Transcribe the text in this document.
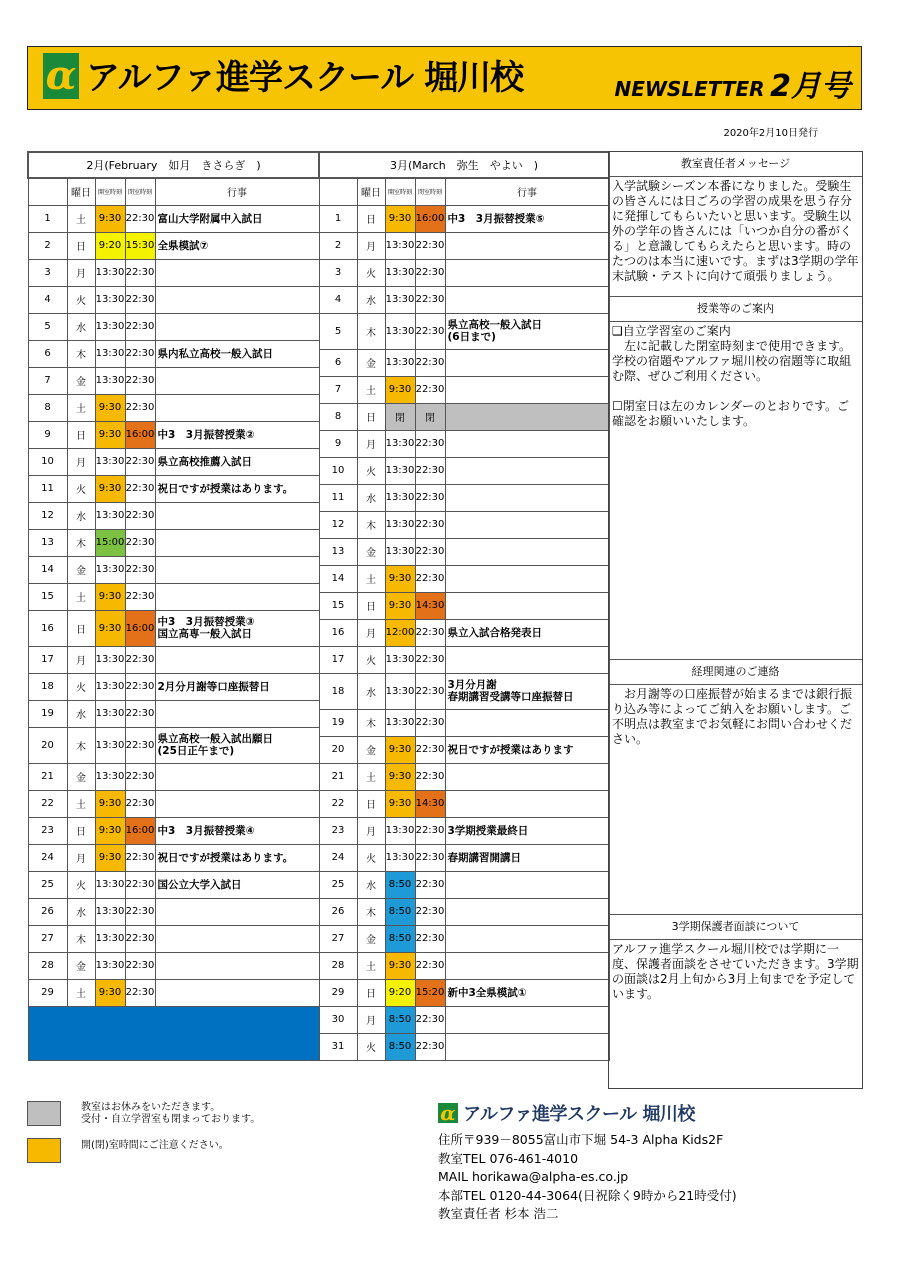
α アルファ進学スクール 堀川校	NEWSLETTER 2月号
2020年2月10日発行
2月(February　如月　きさらぎ　)				
	曜日	開室時刻	閉室時刻	行事
1	土	9:30	22:30	富山大学附属中入試日

2	日	9:20	15:30	全県模試⑦

3	月	13:30	22:30	
4	火	13:30	22:30	
5	水	13:30	22:30	
6	木	13:30	22:30	県内私立高校一般入試日

7	金	13:30	22:30	
8	土	9:30	22:30	
9	日	9:30	16:00	中3　3月振替授業②

10	月	13:30	22:30	県立高校推薦入試日

11	火	9:30	22:30	祝日ですが授業はあります。

12	水	13:30	22:30	
13	木	15:00	22:30	
14	金	13:30	22:30	
15	土	9:30	22:30	
16	日	9:30	16:00	中3　3月振替授業③
国立高専一般入試日

17	月	13:30	22:30	
18	火	13:30	22:30	2月分月謝等口座振替日

19	水	13:30	22:30	
20	木	13:30	22:30	県立高校一般入試出願日
(25日正午まで)

21	金	13:30	22:30	
22	土	9:30	22:30	
23	日	9:30	16:00	中3　3月振替授業④

24	月	9:30	22:30	祝日ですが授業はあります。

25	火	13:30	22:30	国公立大学入試日

26	水	13:30	22:30	
27	木	13:30	22:30	
28	金	13:30	22:30	
29	土	9:30	22:30	

3月(March　弥生　やよい　)				
	曜日	開室時刻	閉室時刻	行事
1	日	9:30	16:00	中3　3月振替授業⑤

2	月	13:30	22:30	
3	火	13:30	22:30	
4	水	13:30	22:30	
5	木	13:30	22:30	県立高校一般入試日
(6日まで)

6	金	13:30	22:30	
7	土	9:30	22:30	
8	日	閉	閉	
9	月	13:30	22:30	
10	火	13:30	22:30	
11	水	13:30	22:30	
12	木	13:30	22:30	
13	金	13:30	22:30	
14	土	9:30	22:30	
15	日	9:30	14:30	
16	月	12:00	22:30	県立入試合格発表日

17	火	13:30	22:30	
18	水	13:30	22:30	3月分月謝
春期講習受講等口座振替日

19	木	13:30	22:30	
20	金	9:30	22:30	祝日ですが授業はあります

21	土	9:30	22:30	
22	日	9:30	14:30	
23	月	13:30	22:30	3学期授業最終日

24	火	13:30	22:30	春期講習開講日

25	水	8:50	22:30	
26	木	8:50	22:30	
27	金	8:50	22:30	
28	土	9:30	22:30	
29	日	9:20	15:20	新中3全県模試①

30	月	8:50	22:30	
31	火	8:50	22:30	
教室責任者メッセージ
入学試験シーズン本番になりました。受験生の皆さんには日ごろの学習の成果を思う存分に発揮してもらいたいと思います。受験生以外の学年の皆さんには「いつか自分の番がくる」と意識してもらえたらと思います。時のたつのは本当に速いです。まずは3学期の学年末試験・テストに向けて頑張りましょう。
授業等のご案内
❑自立学習室のご案内
　左に記載した閉室時刻まで使用できます。学校の宿題やアルファ堀川校の宿題等に取組む際、ぜひご利用ください。
☐閉室日は左のカレンダーのとおりです。ご確認をお願いいたします。
経理関連のご連絡
　お月謝等の口座振替が始まるまでは銀行振り込み等によってご納入をお願いします。ご不明点は教室までお気軽にお問い合わせください。
3学期保護者面談について
アルファ進学スクール堀川校では学期に一度、保護者面談をさせていただきます。3学期の面談は2月上旬から3月上旬までを予定しています。
教室はお休みをいただきます。
受付・自立学習室も閉まっております。
開(閉)室時間にご注意ください。
α アルファ進学スクール 堀川校
住所〒939－8055富山市下堀 54-3 Alpha Kids2F
教室TEL 076-461-4010
MAIL horikawa@alpha-es.co.jp
本部TEL 0120-44-3064(日祝除く9時から21時受付)
教室責任者 杉本 浩二
